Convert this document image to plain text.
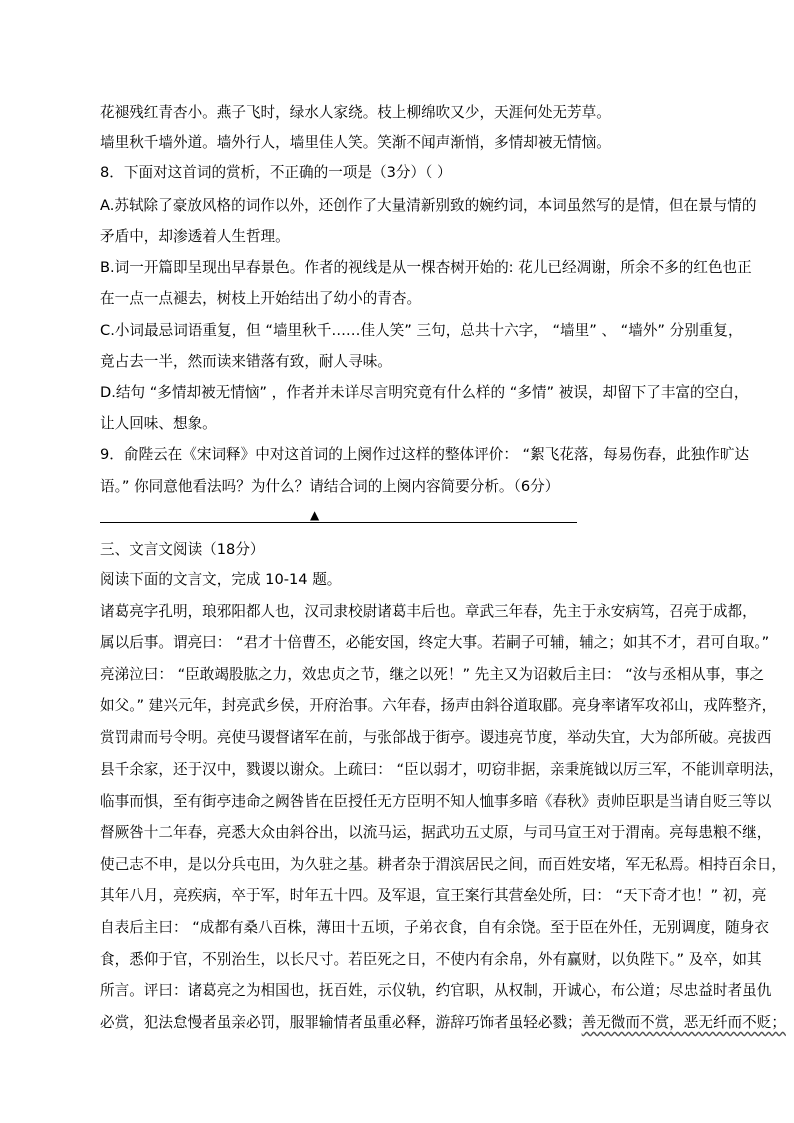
花褪残红青杏小。燕子飞时，绿水人家绕。枝上柳绵吹又少，天涯何处无芳草。
墙里秋千墙外道。墙外行人，墙里佳人笑。笑渐不闻声渐悄，多情却被无情恼。
8．下面对这首词的赏析，不正确的一项是（3分）（ ）
A.苏轼除了豪放风格的词作以外，还创作了大量清新别致的婉约词，本词虽然写的是情，但在景与情的
矛盾中，却渗透着人生哲理。
B.词一开篇即呈现出早春景色。作者的视线是从一棵杏树开始的: 花儿已经凋谢，所余不多的红色也正
在一点一点褪去，树枝上开始结出了幼小的青杏。
C.小词最忌词语重复，但 “墙里秋千……佳人笑” 三句，总共十六字， “墙里” 、 “墙外” 分别重复，
竟占去一半，然而读来错落有致，耐人寻味。
D.结句 “多情却被无情恼” ，作者并未详尽言明究竟有什么样的 “多情” 被误，却留下了丰富的空白，
让人回味、想象。
9．俞陛云在《宋词释》中对这首词的上阕作过这样的整体评价： “絮飞花落，每易伤春，此独作旷达
语。” 你同意他看法吗？为什么？请结合词的上阕内容简要分析。（6分）
▲
三、文言文阅读（18分）
阅读下面的文言文，完成 10-14 题。
诸葛亮字孔明，琅邪阳都人也，汉司隶校尉诸葛丰后也。章武三年春，先主于永安病笃，召亮于成都，
属以后事。谓亮曰： “君才十倍曹丕，必能安国，终定大事。若嗣子可辅，辅之；如其不才，君可自取。”
亮涕泣曰： “臣敢竭股肱之力，效忠贞之节，继之以死！” 先主又为诏敕后主曰： “汝与丞相从事，事之
如父。” 建兴元年，封亮武乡侯，开府治事。六年春，扬声由斜谷道取郿。亮身率诸军攻祁山，戎阵整齐，
赏罚肃而号令明。亮使马谡督诸军在前，与张郃战于街亭。谡违亮节度，举动失宜，大为郃所破。亮拔西
县千余家，还于汉中，戮谡以谢众。上疏曰： “臣以弱才，叨窃非据，亲秉旄钺以厉三军，不能训章明法，
临事而惧，至有街亭违命之阙咎皆在臣授任无方臣明不知人恤事多暗《春秋》责帅臣职是当请自贬三等以
督厥咎十二年春，亮悉大众由斜谷出，以流马运，据武功五丈原，与司马宣王对于渭南。亮每患粮不继，
使己志不申，是以分兵屯田，为久驻之基。耕者杂于渭滨居民之间，而百姓安堵，军无私焉。相持百余日，
其年八月，亮疾病，卒于军，时年五十四。及军退，宣王案行其营垒处所，曰： “天下奇才也！” 初，亮
自表后主曰： “成都有桑八百株，薄田十五顷，子弟衣食，自有余饶。至于臣在外任，无别调度，随身衣
食，悉仰于官，不别治生，以长尺寸。若臣死之日，不使内有余帛，外有赢财，以负陛下。” 及卒，如其
所言。评曰：诸葛亮之为相国也，抚百姓，示仪轨，约官职，从权制，开诚心，布公道；尽忠益时者虽仇
必赏，犯法怠慢者虽亲必罚，服罪输情者虽重必释，游辞巧饰者虽轻必戮；善无微而不赏，恶无纤而不贬；
